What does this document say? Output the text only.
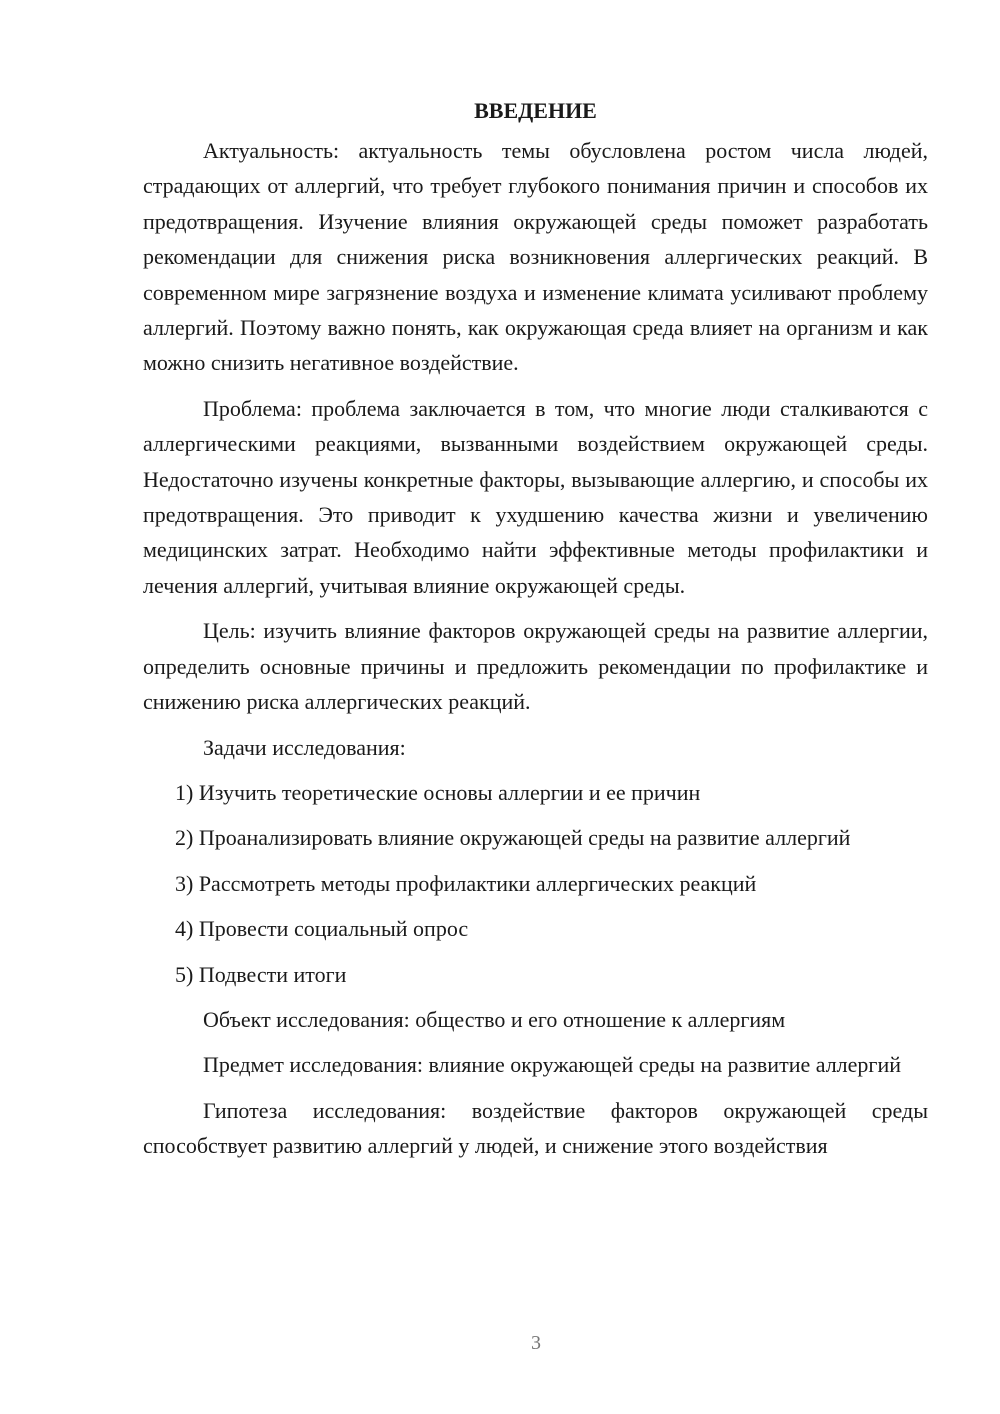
ВВЕДЕНИЕ

Актуальность: актуальность темы обусловлена ростом числа людей, страдающих от аллергий, что требует глубокого понимания причин и способов их предотвращения. Изучение влияния окружающей среды поможет разработать рекомендации для снижения риска возникновения аллергических реакций. В современном мире загрязнение воздуха и изменение климата усиливают проблему аллергий. Поэтому важно понять, как окружающая среда влияет на организм и как можно снизить негативное воздействие.

Проблема: проблема заключается в том, что многие люди сталкиваются с аллергическими реакциями, вызванными воздействием окружающей среды. Недостаточно изучены конкретные факторы, вызывающие аллергию, и способы их предотвращения. Это приводит к ухудшению качества жизни и увеличению медицинских затрат. Необходимо найти эффективные методы профилактики и лечения аллергий, учитывая влияние окружающей среды.

Цель: изучить влияние факторов окружающей среды на развитие аллергии, определить основные причины и предложить рекомендации по профилактике и снижению риска аллергических реакций.

Задачи исследования:

1) Изучить теоретические основы аллергии и ее причин

2) Проанализировать влияние окружающей среды на развитие аллергий

3) Рассмотреть методы профилактики аллергических реакций

4) Провести социальный опрос

5) Подвести итоги

Объект исследования: общество и его отношение к аллергиям

Предмет исследования: влияние окружающей среды на развитие аллергий

Гипотеза исследования: воздействие факторов окружающей среды способствует развитию аллергий у людей, и снижение этого воздействия

3
